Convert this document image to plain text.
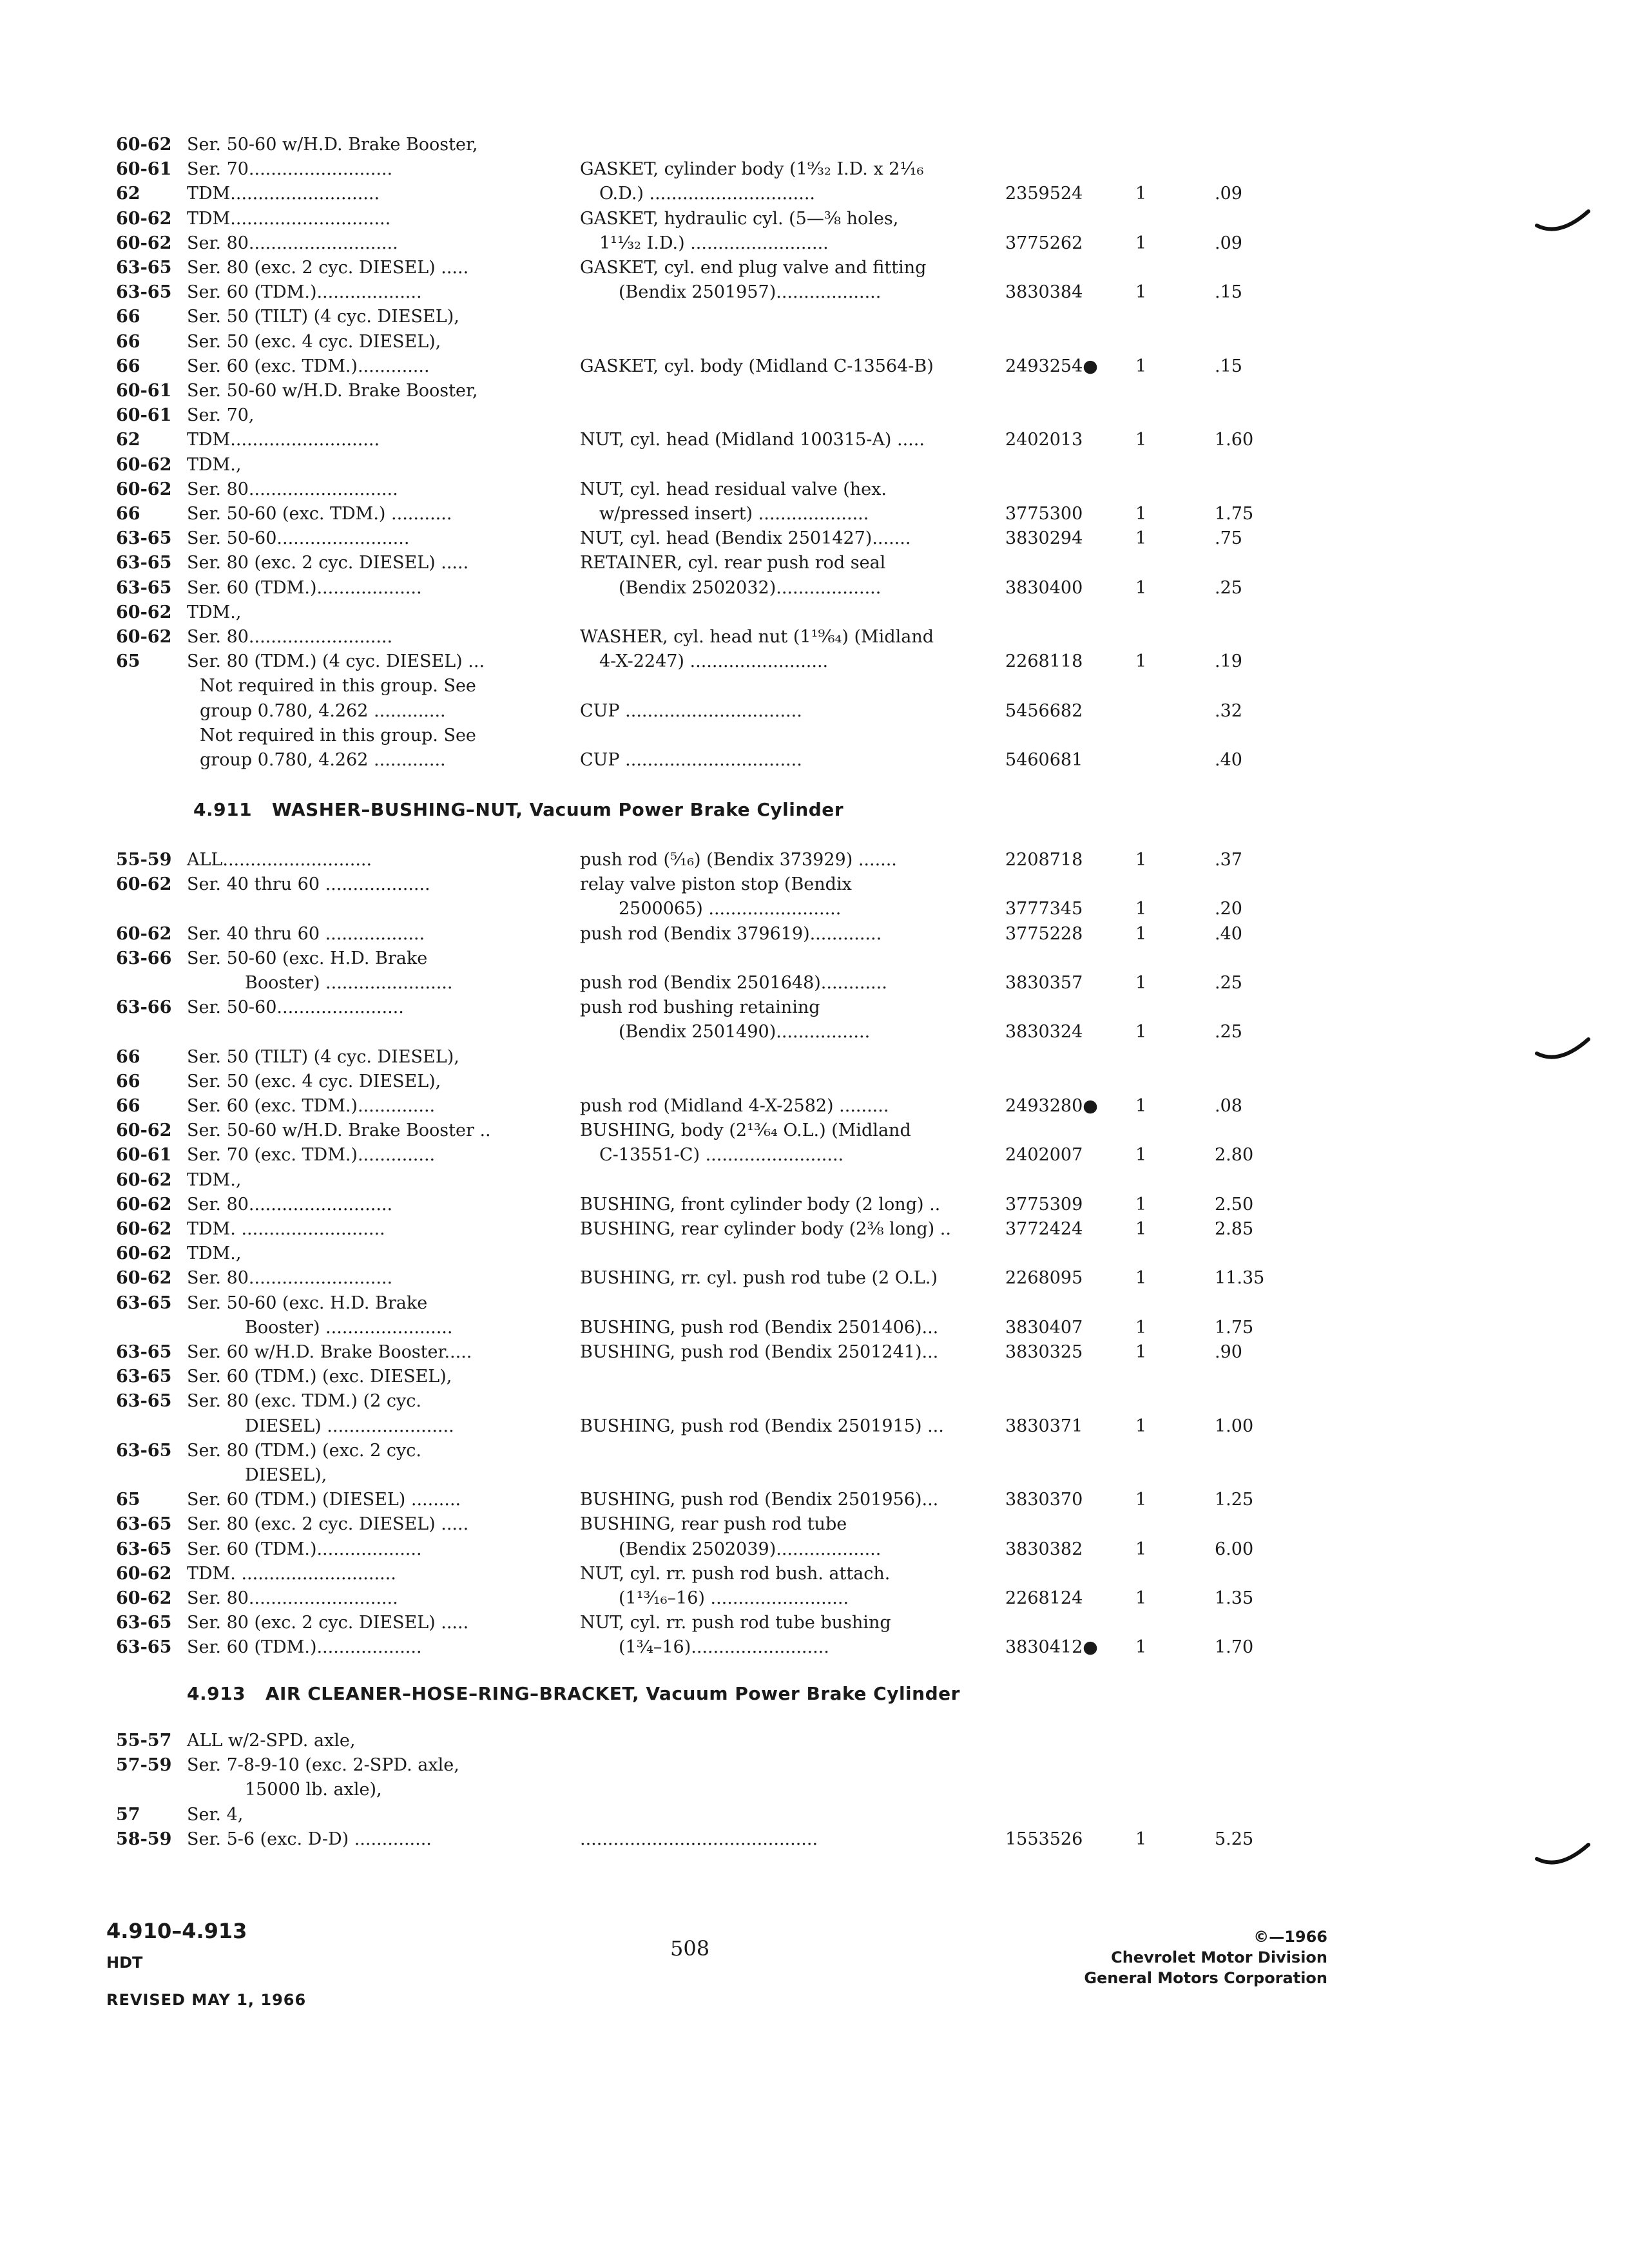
60-62 Ser. 50-60 w/H.D. Brake Booster,
60-61 Ser. 70..........................	GASKET, cylinder body (1⁹⁄₃₂ I.D. x 2¹⁄₁₆
62	TDM...........................	O.D.) ..............................	2359524	1	.09
60-62 TDM.............................	GASKET, hydraulic cyl. (5—⅜ holes,
60-62 Ser. 80...........................	1¹¹⁄₃₂ I.D.) .........................	3775262	1	.09
63-65 Ser. 80 (exc. 2 cyc. DIESEL) .....	GASKET, cyl. end plug valve and fitting
63-65 Ser. 60 (TDM.)...................	(Bendix 2501957)...................	3830384	1	.15
66	Ser. 50 (TILT) (4 cyc. DIESEL),
66	Ser. 50 (exc. 4 cyc. DIESEL),
66	Ser. 60 (exc. TDM.).............	GASKET, cyl. body (Midland C-13564-B)	2493254● 1	.15
60-61 Ser. 50-60 w/H.D. Brake Booster,
60-61 Ser. 70,
62	TDM...........................	NUT, cyl. head (Midland 100315-A) .....	2402013	1	1.60
60-62 TDM.,
60-62 Ser. 80...........................	NUT, cyl. head residual valve (hex.
66	Ser. 50-60 (exc. TDM.) ...........	w/pressed insert) ....................	3775300	1	1.75
63-65 Ser. 50-60........................	NUT, cyl. head (Bendix 2501427).......	3830294	1	.75
63-65 Ser. 80 (exc. 2 cyc. DIESEL) .....	RETAINER, cyl. rear push rod seal
63-65 Ser. 60 (TDM.)...................	(Bendix 2502032)...................	3830400	1	.25
60-62 TDM.,
60-62 Ser. 80..........................	WASHER, cyl. head nut (1¹⁹⁄₆₄) (Midland
65	Ser. 80 (TDM.) (4 cyc. DIESEL) ...	4-X-2247) .........................	2268118	1	.19
Not required in this group. See
group 0.780, 4.262 .............	CUP ................................	5456682	.32
Not required in this group. See
group 0.780, 4.262 .............	CUP ................................	5460681	.40
4.911 WASHER–BUSHING–NUT, Vacuum Power Brake Cylinder
55-59 ALL...........................	push rod (⁵⁄₁₆) (Bendix 373929) .......	2208718	1	.37
60-62 Ser. 40 thru 60 ...................	relay valve piston stop (Bendix
2500065) ........................	3777345	1	.20
60-62 Ser. 40 thru 60 ..................	push rod (Bendix 379619).............	3775228	1	.40
63-66 Ser. 50-60 (exc. H.D. Brake
Booster) .......................	push rod (Bendix 2501648)............	3830357	1	.25
63-66 Ser. 50-60.......................	push rod bushing retaining
(Bendix 2501490).................	3830324	1	.25
66	Ser. 50 (TILT) (4 cyc. DIESEL),
66	Ser. 50 (exc. 4 cyc. DIESEL),
66	Ser. 60 (exc. TDM.)..............	push rod (Midland 4-X-2582) .........	2493280● 1	.08
60-62 Ser. 50-60 w/H.D. Brake Booster ..	BUSHING, body (2¹³⁄₆₄ O.L.) (Midland
60-61 Ser. 70 (exc. TDM.)..............	C-13551-C) .........................	2402007	1	2.80
60-62 TDM.,
60-62 Ser. 80..........................	BUSHING, front cylinder body (2 long) ..	3775309	1	2.50
60-62 TDM. ..........................	BUSHING, rear cylinder body (2⅜ long) ..	3772424	1	2.85
60-62 TDM.,
60-62 Ser. 80..........................	BUSHING, rr. cyl. push rod tube (2 O.L.)	2268095	1	11.35
63-65 Ser. 50-60 (exc. H.D. Brake
Booster) .......................	BUSHING, push rod (Bendix 2501406)...	3830407	1	1.75
63-65 Ser. 60 w/H.D. Brake Booster.....	BUSHING, push rod (Bendix 2501241)...	3830325	1	.90
63-65 Ser. 60 (TDM.) (exc. DIESEL),
63-65 Ser. 80 (exc. TDM.) (2 cyc.
DIESEL) .......................	BUSHING, push rod (Bendix 2501915) ...	3830371	1	1.00
63-65 Ser. 80 (TDM.) (exc. 2 cyc.
DIESEL),
65	Ser. 60 (TDM.) (DIESEL) .........	BUSHING, push rod (Bendix 2501956)...	3830370	1	1.25
63-65 Ser. 80 (exc. 2 cyc. DIESEL) .....	BUSHING, rear push rod tube
63-65 Ser. 60 (TDM.)...................	(Bendix 2502039)...................	3830382	1	6.00
60-62 TDM. ............................	NUT, cyl. rr. push rod bush. attach.
60-62 Ser. 80...........................	(1¹³⁄₁₆–16) .........................	2268124	1	1.35
63-65 Ser. 80 (exc. 2 cyc. DIESEL) .....	NUT, cyl. rr. push rod tube bushing
63-65 Ser. 60 (TDM.)...................	(1¾–16).........................	3830412● 1	1.70
4.913 AIR CLEANER–HOSE–RING–BRACKET, Vacuum Power Brake Cylinder
55-57 ALL w/2-SPD. axle,
57-59 Ser. 7-8-9-10 (exc. 2-SPD. axle,
15000 lb. axle),
57	Ser. 4,
58-59 Ser. 5-6 (exc. D-D) ..............	...........................................	1553526	1	5.25
4.910–4.913
HDT
REVISED MAY 1, 1966
508	©—1966
Chevrolet Motor Division
General Motors Corporation
